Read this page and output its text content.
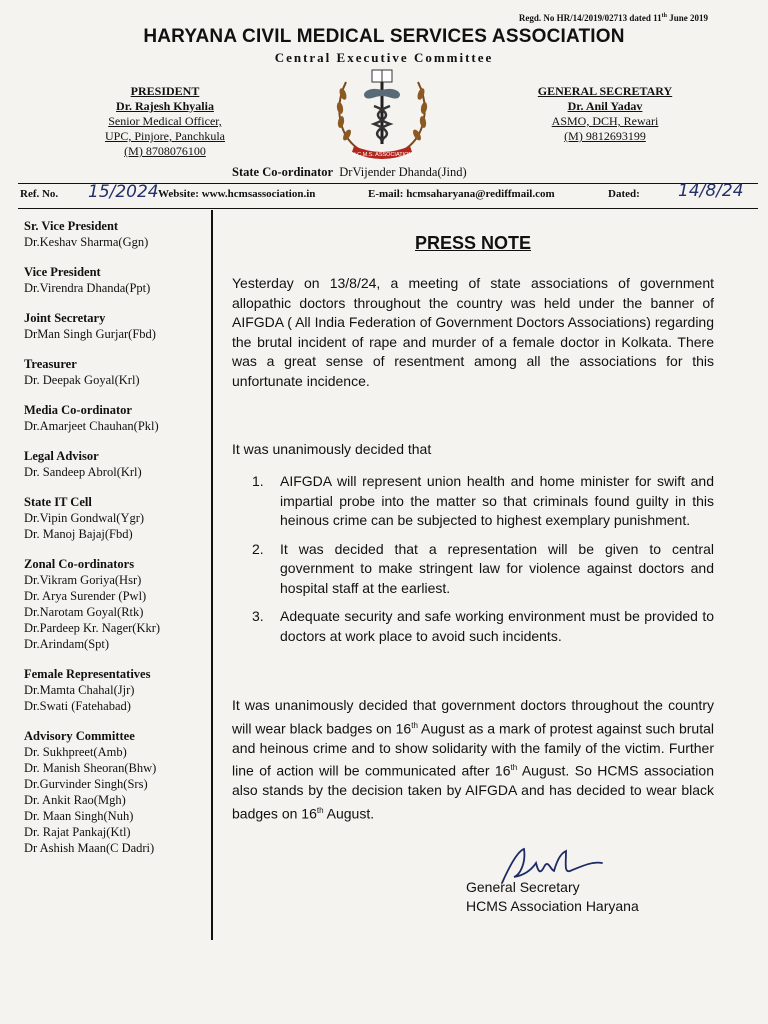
Regd. No HR/14/2019/02713 dated 11th June 2019
HARYANA CIVIL MEDICAL SERVICES ASSOCIATION
Central Executive Committee
PRESIDENT
Dr. Rajesh Khyalia
Senior Medical Officer,
UPC, Pinjore, Panchkula
(M) 8708076100	H.C.M.S. ASSOCIATION
GENERAL SECRETARY
Dr. Anil Yadav
ASMO, DCH, Rewari
(M) 9812693199
State Co-ordinator DrVijender Dhanda(Jind)
Ref. No. 15/2024 Website: www.hcmsassociation.in	E-mail: hcmsaharyana@rediffmail.com	Dated: 14/8/24
Sr. Vice President
Dr.Keshav Sharma(Ggn)
Vice President
Dr.Virendra Dhanda(Ppt)
Joint Secretary
DrMan Singh Gurjar(Fbd)
Treasurer
Dr. Deepak Goyal(Krl)
Media Co-ordinator
Dr.Amarjeet Chauhan(Pkl)
Legal Advisor
Dr. Sandeep Abrol(Krl)
State IT Cell
Dr.Vipin Gondwal(Ygr)
Dr. Manoj Bajaj(Fbd)
Zonal Co-ordinators
Dr.Vikram Goriya(Hsr)
Dr. Arya Surender (Pwl)
Dr.Narotam Goyal(Rtk)
Dr.Pardeep Kr. Nager(Kkr)
Dr.Arindam(Spt)
Female Representatives
Dr.Mamta Chahal(Jjr)
Dr.Swati (Fatehabad)
Advisory Committee
Dr. Sukhpreet(Amb)
Dr. Manish Sheoran(Bhw)
Dr.Gurvinder Singh(Srs)
Dr. Ankit Rao(Mgh)
Dr. Maan Singh(Nuh)
Dr. Rajat Pankaj(Ktl)
Dr Ashish Maan(C Dadri)
PRESS NOTE

Yesterday on 13/8/24, a meeting of state associations of government allopathic doctors throughout the country was held under the banner of AIFGDA ( All India Federation of Government Doctors Associations) regarding the brutal incident of rape and murder of a female doctor in Kolkata. There was a great sense of resentment among all the associations for this unfortunate incidence.

It was unanimously decided that

1.	AIFGDA will represent union health and home minister for swift and impartial probe into the matter so that criminals found guilty in this heinous crime can be subjected to highest exemplary punishment.
2.	It was decided that a representation will be given to central government to make stringent law for violence against doctors and hospital staff at the earliest.
3.	Adequate security and safe working environment must be provided to doctors at work place to avoid such incidents.

It was unanimously decided that government doctors throughout the country will wear black badges on 16th August as a mark of protest against such brutal and heinous crime and to show solidarity with the family of the victim. Further line of action will be communicated after 16th August. So HCMS association also stands by the decision taken by AIFGDA and has decided to wear black badges on 16th August.

General Secretary
HCMS Association Haryana
